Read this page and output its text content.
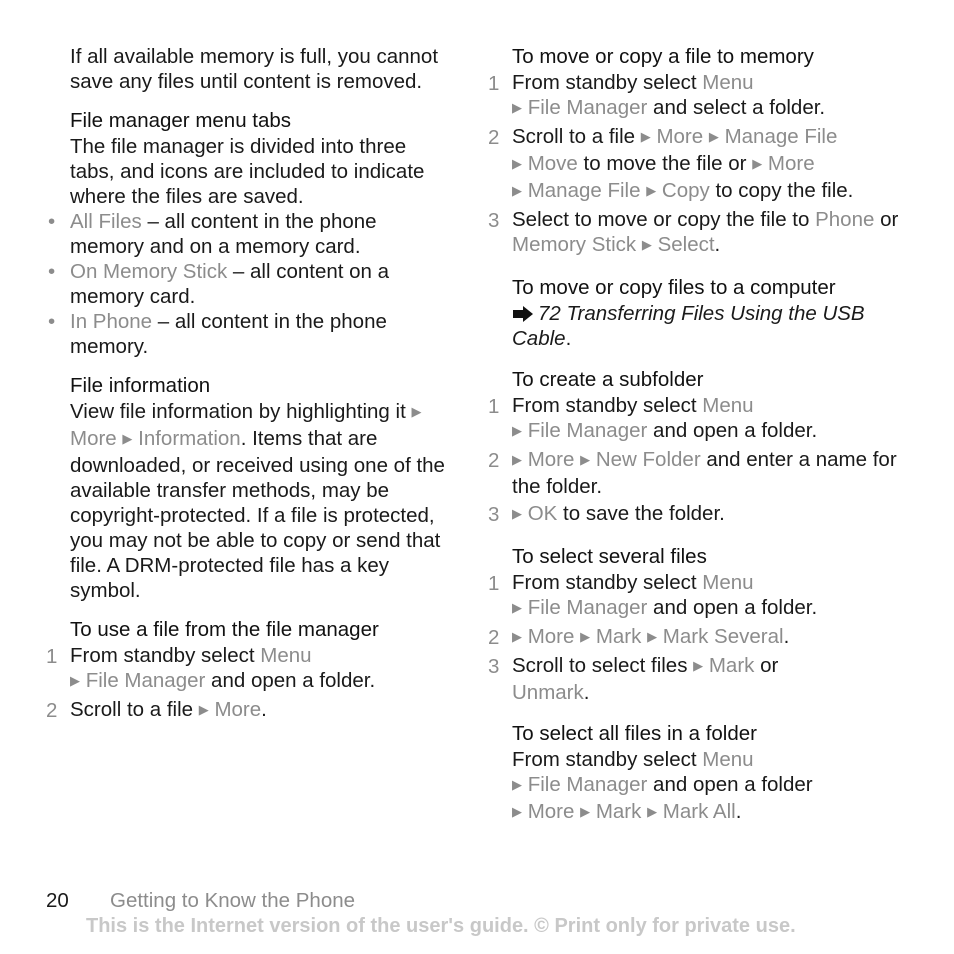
If all available memory is full, you cannot save any files until content is removed.

File manager menu tabs

The file manager is divided into three tabs, and icons are included to indicate where the files are saved.

• All Files – all content in the phone memory and on a memory card.
• On Memory Stick – all content on a memory card.
• In Phone – all content in the phone memory.
File information

View file information by highlighting it ▶ More ▶ Information. Items that are downloaded, or received using one of the available transfer methods, may be copyright-protected. If a file is protected, you may not be able to copy or send that file. A DRM-protected file has a key symbol.

To use a file from the file manager
1 From standby select Menu
▶ File Manager and open a folder.
2 Scroll to a file ▶ More.
To move or copy a file to memory
1 From standby select Menu
▶ File Manager and select a folder.
2 Scroll to a file ▶ More ▶ Manage File
▶ Move to move the file or ▶ More
▶ Manage File ▶ Copy to copy the file.
3 Select to move or copy the file to Phone or Memory Stick ▶ Select.
To move or copy files to a computer

72 Transferring Files Using the USB Cable.

To create a subfolder
1 From standby select Menu
▶ File Manager and open a folder.
2 ▶ More ▶ New Folder and enter a name for the folder.
3 ▶ OK to save the folder.
To select several files
1 From standby select Menu
▶ File Manager and open a folder.
2 ▶ More ▶ Mark ▶ Mark Several.
3 Scroll to select files ▶ Mark or
Unmark.
To select all files in a folder

From standby select Menu
▶ File Manager and open a folder
▶ More ▶ Mark ▶ Mark All.

20 Getting to Know the Phone
This is the Internet version of the user's guide. © Print only for private use.
